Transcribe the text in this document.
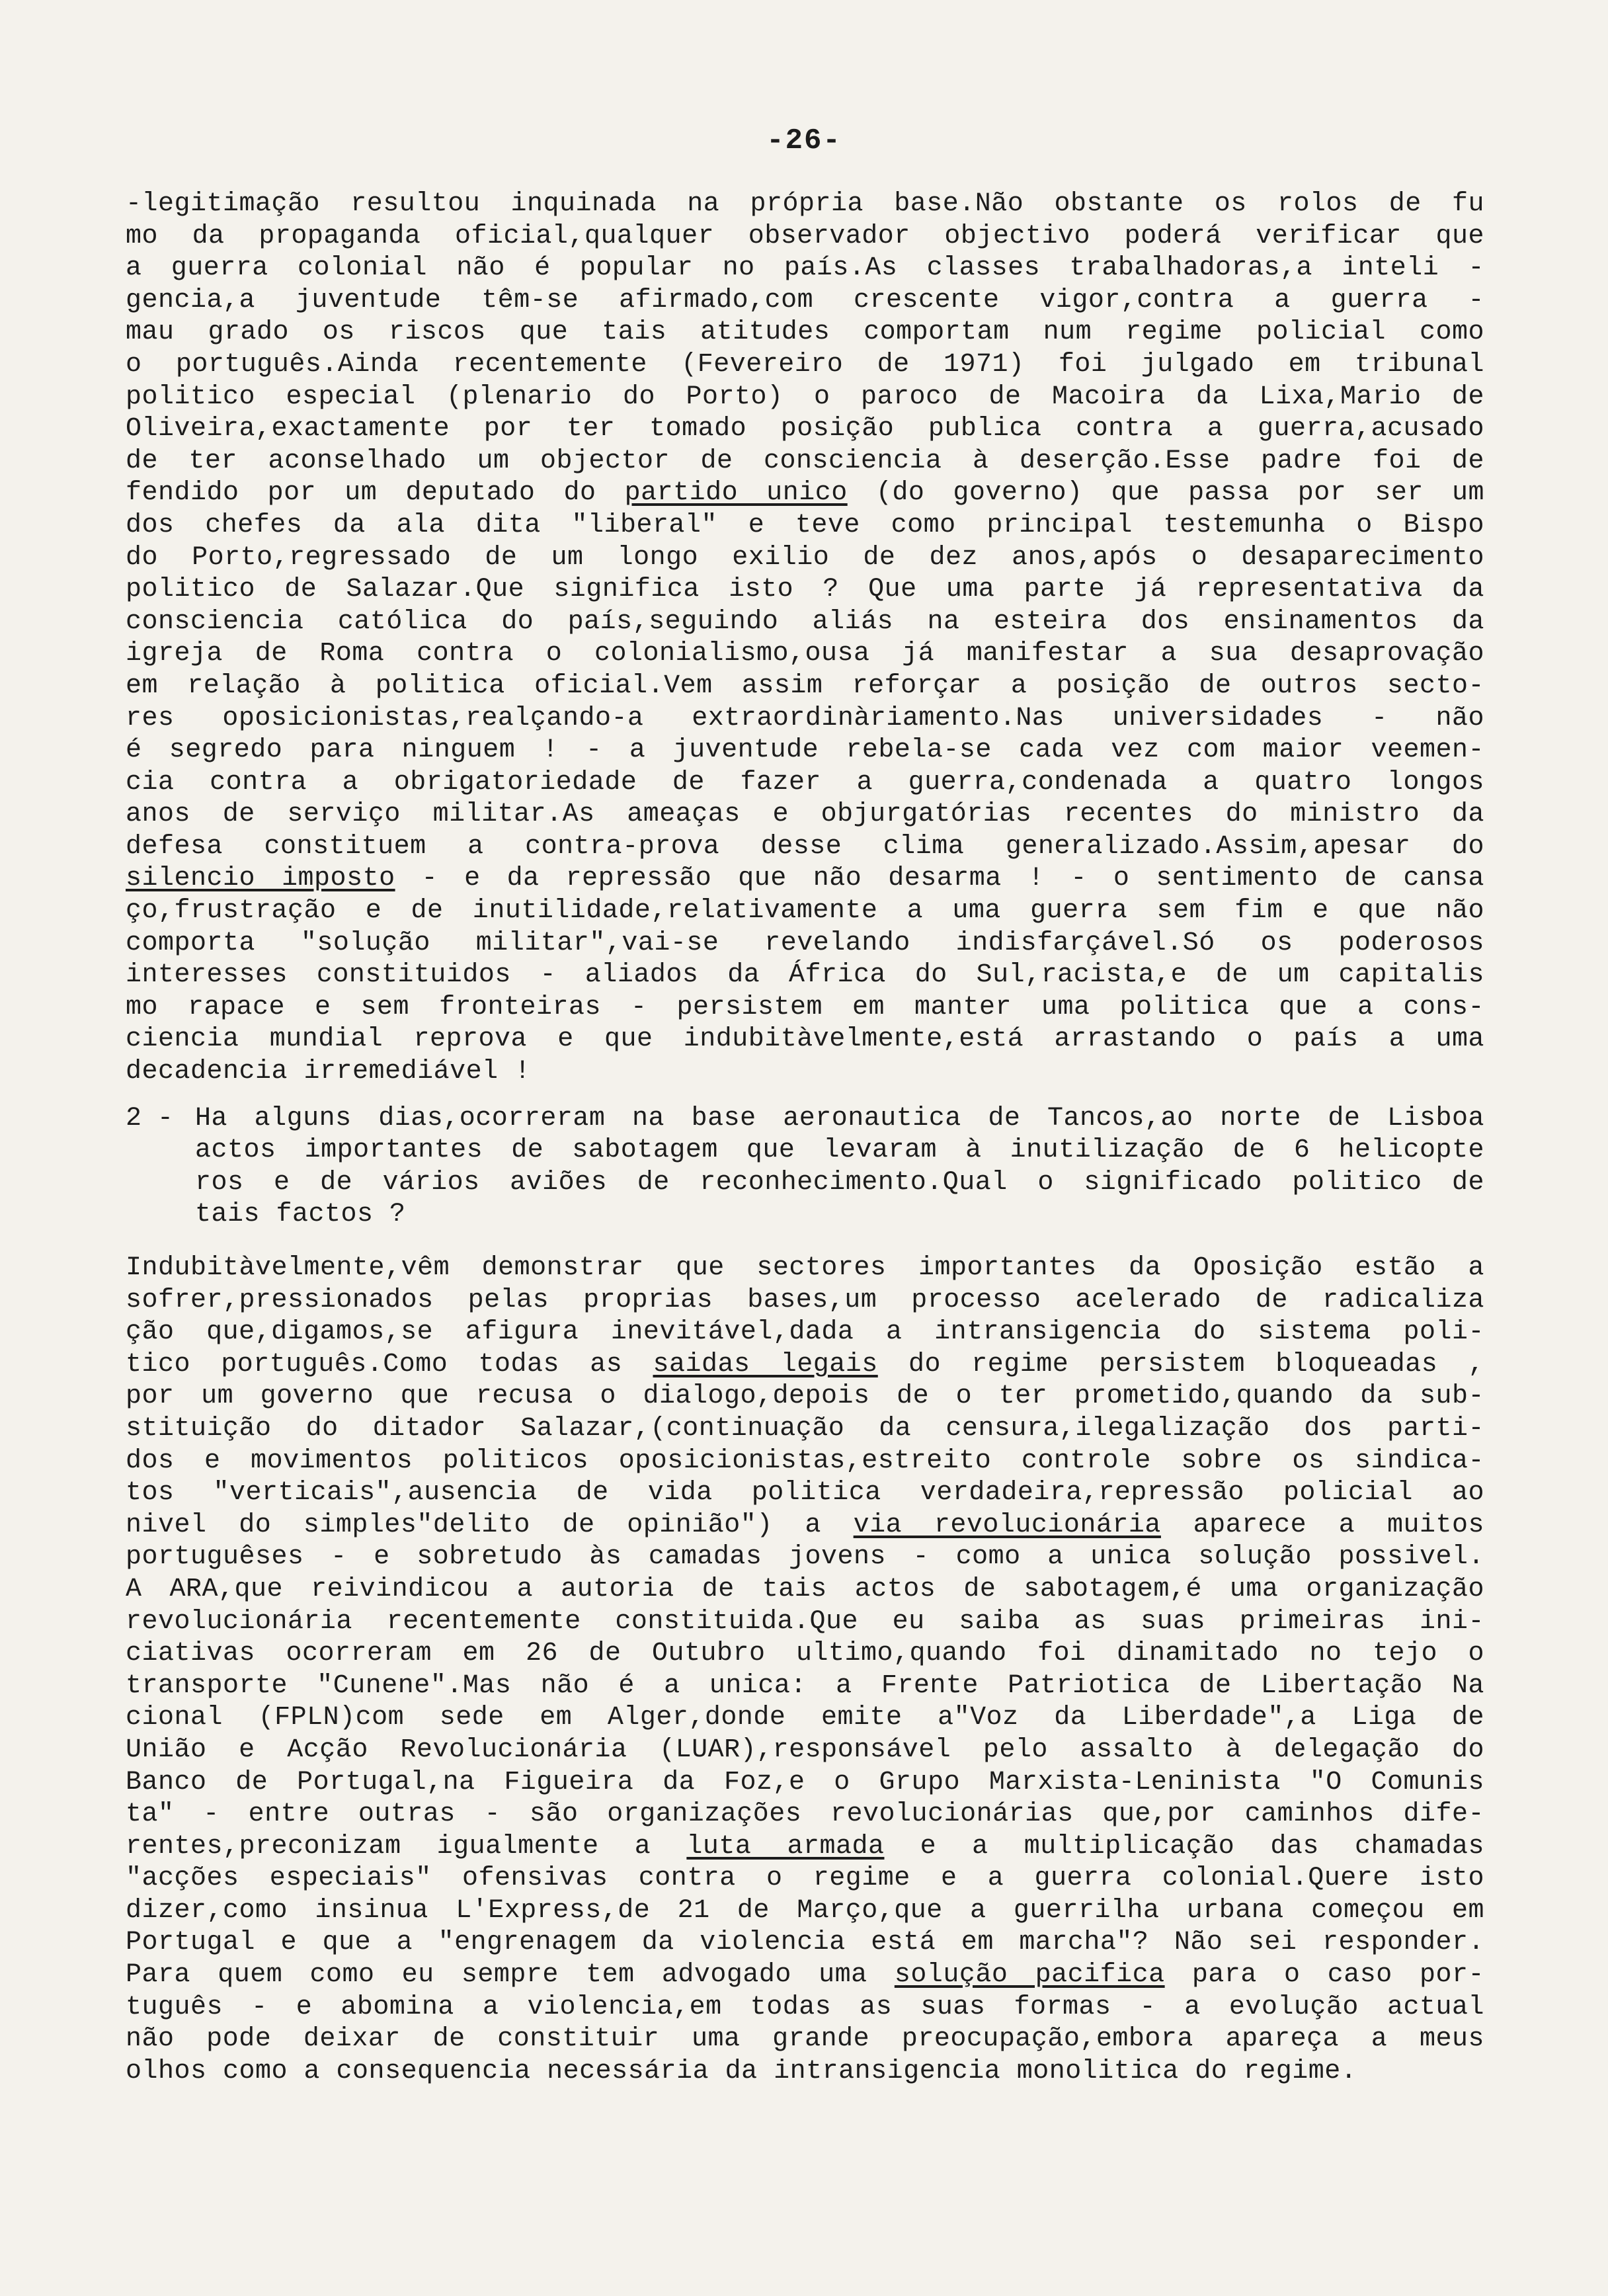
-26-
-legitimação resultou inquinada na própria base.Não obstante os rolos de fu
mo da propaganda oficial,qualquer observador objectivo poderá verificar que
a guerra colonial não é popular no país.As classes trabalhadoras,a inteli -
gencia,a juventude têm-se afirmado,com crescente vigor,contra a guerra -
mau grado os riscos que tais atitudes comportam num regime policial como
o português.Ainda recentemente (Fevereiro de 1971) foi julgado em tribunal
politico especial (plenario do Porto) o paroco de Macoira da Lixa,Mario de
Oliveira,exactamente por ter tomado posição publica contra a guerra,acusado
de ter aconselhado um objector de consciencia à deserção.Esse padre foi de
fendido por um deputado do partido unico (do governo) que passa por ser um
dos chefes da ala dita "liberal" e teve como principal testemunha o Bispo
do Porto,regressado de um longo exilio de dez anos,após o desaparecimento
politico de Salazar.Que significa isto ? Que uma parte já representativa da
consciencia católica do país,seguindo aliás na esteira dos ensinamentos da
igreja de Roma contra o colonialismo,ousa já manifestar a sua desaprovação
em relação à politica oficial.Vem assim reforçar a posição de outros secto-
res oposicionistas,realçando-a extraordinàriamento.Nas universidades - não
é segredo para ninguem ! - a juventude rebela-se cada vez com maior veemen-
cia contra a obrigatoriedade de fazer a guerra,condenada a quatro longos
anos de serviço militar.As ameaças e objurgatórias recentes do ministro da
defesa constituem a contra-prova desse clima generalizado.Assim,apesar do
silencio imposto - e da repressão que não desarma ! - o sentimento de cansa
ço,frustração e de inutilidade,relativamente a uma guerra sem fim e que não
comporta "solução militar",vai-se revelando indisfarçável.Só os poderosos
interesses constituidos - aliados da África do Sul,racista,e de um capitalis
mo rapace e sem fronteiras - persistem em manter uma politica que a cons-
ciencia mundial reprova e que indubitàvelmente,está arrastando o país a uma
decadencia irremediável !
2 - Ha alguns dias,ocorreram na base aeronautica de Tancos,ao norte de Lisboa
actos importantes de sabotagem que levaram à inutilização de 6 helicopte
ros e de vários aviões de reconhecimento.Qual o significado politico de
tais factos ?
Indubitàvelmente,vêm demonstrar que sectores importantes da Oposição estão a
sofrer,pressionados pelas proprias bases,um processo acelerado de radicaliza
ção que,digamos,se afigura inevitável,dada a intransigencia do sistema poli-
tico português.Como todas as saidas legais do regime persistem bloqueadas ,
por um governo que recusa o dialogo,depois de o ter prometido,quando da sub-
stituição do ditador Salazar,(continuação da censura,ilegalização dos parti-
dos e movimentos politicos oposicionistas,estreito controle sobre os sindica-
tos "verticais",ausencia de vida politica verdadeira,repressão policial ao
nivel do simples"delito de opinião") a via revolucionária aparece a muitos
portuguêses - e sobretudo às camadas jovens - como a unica solução possivel.
A ARA,que reivindicou a autoria de tais actos de sabotagem,é uma organização
revolucionária recentemente constituida.Que eu saiba as suas primeiras ini-
ciativas ocorreram em 26 de Outubro ultimo,quando foi dinamitado no tejo o
transporte "Cunene".Mas não é a unica: a Frente Patriotica de Libertação Na
cional (FPLN)com sede em Alger,donde emite a"Voz da Liberdade",a Liga de
União e Acção Revolucionária (LUAR),responsável pelo assalto à delegação do
Banco de Portugal,na Figueira da Foz,e o Grupo Marxista-Leninista "O Comunis
ta" - entre outras - são organizações revolucionárias que,por caminhos dife-
rentes,preconizam igualmente a luta armada e a multiplicação das chamadas
"acções especiais" ofensivas contra o regime e a guerra colonial.Quere isto
dizer,como insinua L'Express,de 21 de Março,que a guerrilha urbana começou em
Portugal e que a "engrenagem da violencia está em marcha"? Não sei responder.
Para quem como eu sempre tem advogado uma solução pacifica para o caso por-
tuguês - e abomina a violencia,em todas as suas formas - a evolução actual
não pode deixar de constituir uma grande preocupação,embora apareça a meus
olhos como a consequencia necessária da intransigencia monolitica do regime.
